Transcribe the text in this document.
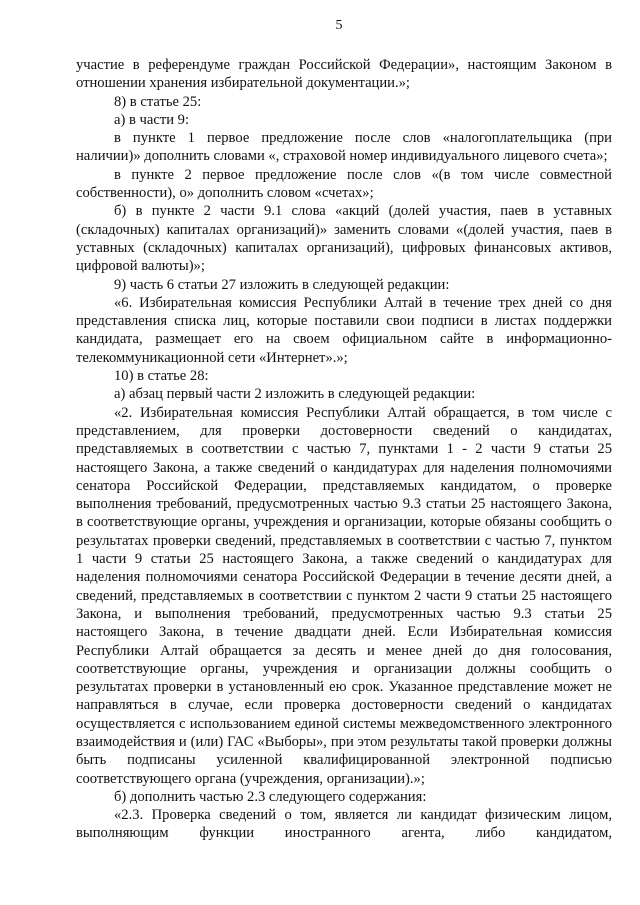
5

участие в референдуме граждан Российской Федерации», настоящим Законом в отношении хранения избирательной документации.»;

8) в статье 25:

а) в части 9:

в пункте 1 первое предложение после слов «налогоплательщика (при наличии)» дополнить словами «, страховой номер индивидуального лицевого счета»;

в пункте 2 первое предложение после слов «(в том числе совместной собственности), о» дополнить словом «счетах»;

б) в пункте 2 части 9.1 слова «акций (долей участия, паев в уставных (складочных) капиталах организаций)» заменить словами «(долей участия, паев в уставных (складочных) капиталах организаций), цифровых финансовых активов, цифровой валюты)»;

9) часть 6 статьи 27 изложить в следующей редакции:

«6. Избирательная комиссия Республики Алтай в течение трех дней со дня представления списка лиц, которые поставили свои подписи в листах поддержки кандидата, размещает его на своем официальном сайте в информационно-телекоммуникационной сети «Интернет».»;

10) в статье 28:

а) абзац первый части 2 изложить в следующей редакции:

«2. Избирательная комиссия Республики Алтай обращается, в том числе с представлением, для проверки достоверности сведений о кандидатах, представляемых в соответствии с частью 7, пунктами 1 - 2 части 9 статьи 25 настоящего Закона, а также сведений о кандидатурах для наделения полномочиями сенатора Российской Федерации, представляемых кандидатом, о проверке выполнения требований, предусмотренных частью 9.3 статьи 25 настоящего Закона, в соответствующие органы, учреждения и организации, которые обязаны сообщить о результатах проверки сведений, представляемых в соответствии с частью 7, пунктом 1 части 9 статьи 25 настоящего Закона, а также сведений о кандидатурах для наделения полномочиями сенатора Российской Федерации в течение десяти дней, а сведений, представляемых в соответствии с пунктом 2 части 9 статьи 25 настоящего Закона, и выполнения требований, предусмотренных частью 9.3 статьи 25 настоящего Закона, в течение двадцати дней. Если Избирательная комиссия Республики Алтай обращается за десять и менее дней до дня голосования, соответствующие органы, учреждения и организации должны сообщить о результатах проверки в установленный ею срок. Указанное представление может не направляться в случае, если проверка достоверности сведений о кандидатах осуществляется с использованием единой системы межведомственного электронного взаимодействия и (или) ГАС «Выборы», при этом результаты такой проверки должны быть подписаны усиленной квалифицированной электронной подписью соответствующего органа (учреждения, организации).»;

б) дополнить частью 2.3 следующего содержания:

«2.3. Проверка сведений о том, является ли кандидат физическим лицом, выполняющим функции иностранного агента, либо кандидатом,
